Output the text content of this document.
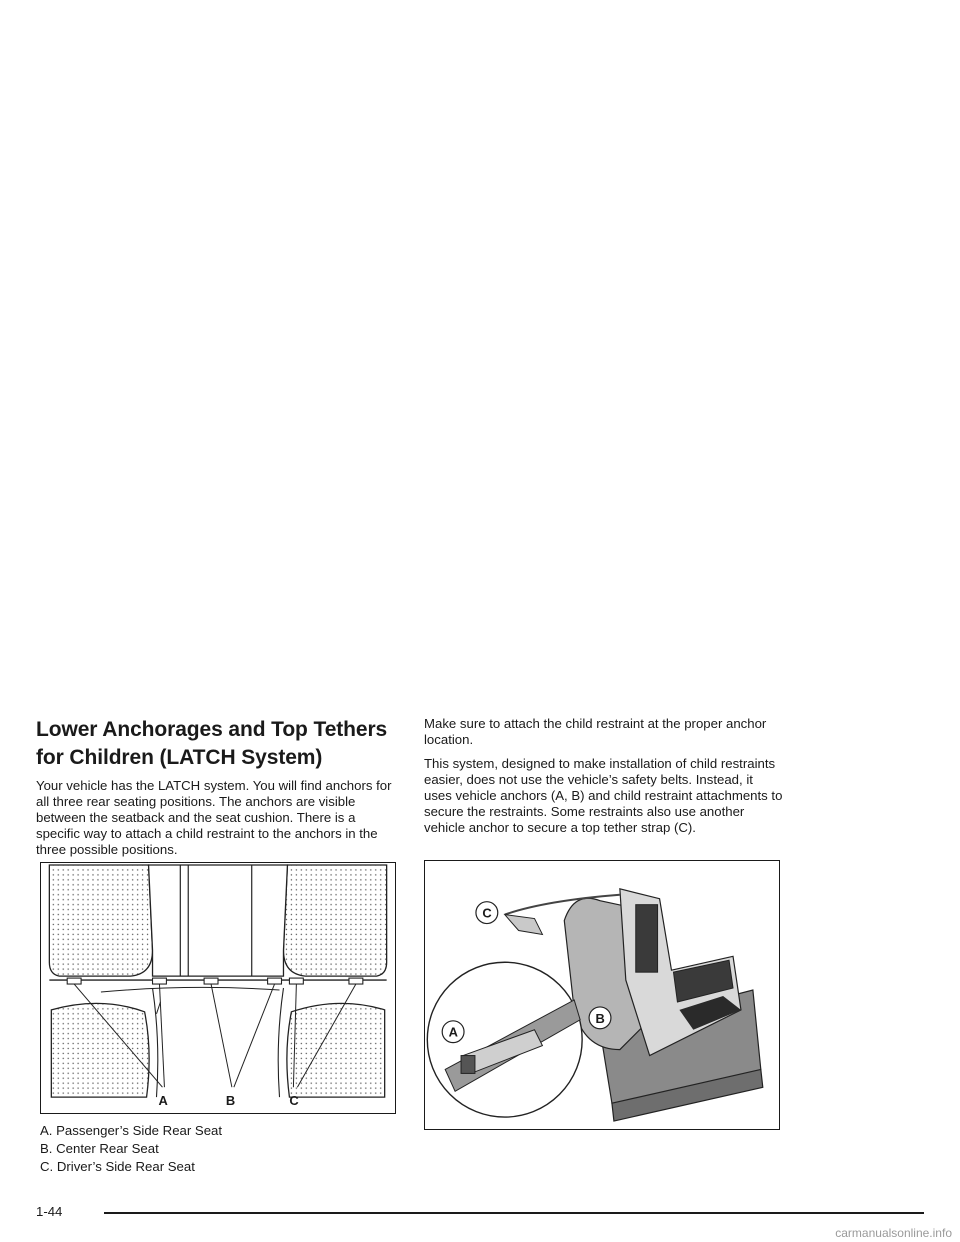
Lower Anchorages and Top Tethers
for Children (LATCH System)

Your vehicle has the LATCH system. You will find anchors for all three rear seating positions. The anchors are visible between the seatback and the seat cushion. There is a specific way to attach a child restraint to the anchors in the three possible positions.

Make sure to attach the child restraint at the proper anchor location.

This system, designed to make installation of child restraints easier, does not use the vehicle’s safety belts. Instead, it uses vehicle anchors (A, B) and child restraint attachments to secure the restraints. Some restraints also use another vehicle anchor to secure a top tether strap (C).

A	B	C
C
A
B

A. Passenger’s Side Rear Seat

B. Center Rear Seat

C. Driver’s Side Rear Seat

1-44
carmanualsonline.info
